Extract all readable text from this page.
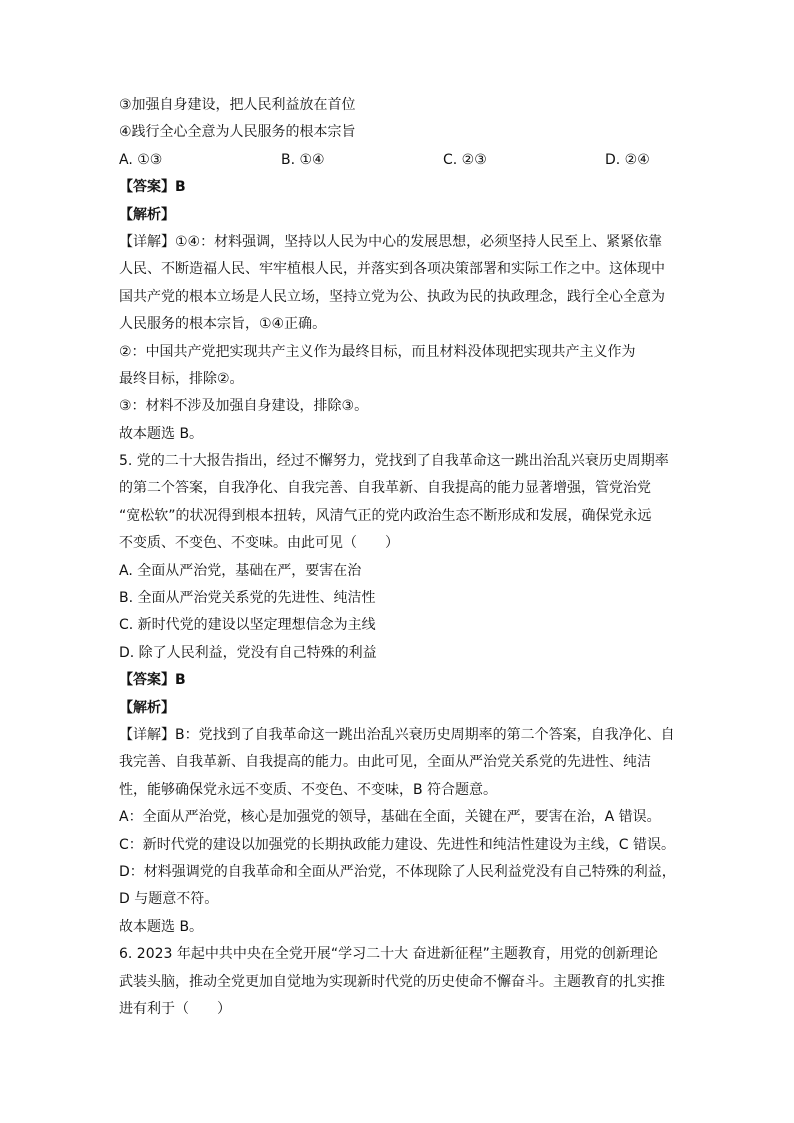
③加强自身建设，把人民利益放在首位
④践行全心全意为人民服务的根本宗旨
A. ①③	B. ①④	C. ②③	D. ②④
【答案】B
【解析】
【详解】①④：材料强调，坚持以人民为中心的发展思想，必须坚持人民至上、紧紧依靠
人民、不断造福人民、牢牢植根人民，并落实到各项决策部署和实际工作之中。这体现中
国共产党的根本立场是人民立场，坚持立党为公、执政为民的执政理念，践行全心全意为
人民服务的根本宗旨，①④正确。
②：中国共产党把实现共产主义作为最终目标，而且材料没体现把实现共产主义作为
最终目标，排除②。
③：材料不涉及加强自身建设，排除③。
故本题选 B。
5. 党的二十大报告指出，经过不懈努力，党找到了自我革命这一跳出治乱兴衰历史周期率
的第二个答案，自我净化、自我完善、自我革新、自我提高的能力显著增强，管党治党
“宽松软”的状况得到根本扭转，风清气正的党内政治生态不断形成和发展，确保党永远
不变质、不变色、不变味。由此可见（　　）
A. 全面从严治党，基础在严，要害在治
B. 全面从严治党关系党的先进性、纯洁性
C. 新时代党的建设以坚定理想信念为主线
D. 除了人民利益，党没有自己特殊的利益
【答案】B
【解析】
【详解】B：党找到了自我革命这一跳出治乱兴衰历史周期率的第二个答案，自我净化、自
我完善、自我革新、自我提高的能力。由此可见，全面从严治党关系党的先进性、纯洁
性，能够确保党永远不变质、不变色、不变味，B 符合题意。
A：全面从严治党，核心是加强党的领导，基础在全面，关键在严，要害在治，A 错误。
C：新时代党的建设以加强党的长期执政能力建设、先进性和纯洁性建设为主线，C 错误。
D：材料强调党的自我革命和全面从严治党，不体现除了人民利益党没有自己特殊的利益，
D 与题意不符。
故本题选 B。
6. 2023 年起中共中央在全党开展“学习二十大 奋进新征程”主题教育，用党的创新理论
武装头脑，推动全党更加自觉地为实现新时代党的历史使命不懈奋斗。主题教育的扎实推
进有利于（　　）
